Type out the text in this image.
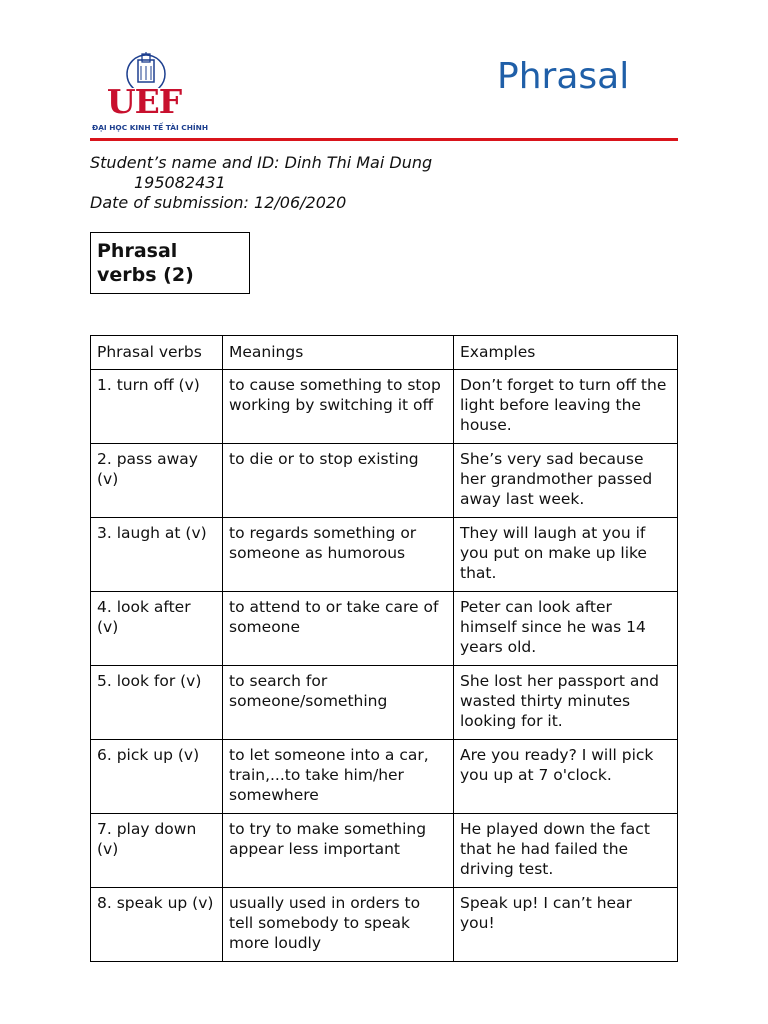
UEF
ĐẠI HỌC KINH TẾ TÀI CHÍNH
Phrasal
Student’s name and ID: Dinh Thi Mai Dung
195082431
Date of submission: 12/06/2020
Phrasal verbs (2)
Phrasal verbs	Meanings	Examples
1. turn off (v)	to cause something to stop working by switching it off	Don’t forget to turn off the light before leaving the house.
2. pass away (v)	to die or to stop existing	She’s very sad because her grandmother passed away last week.
3. laugh at (v)	to regards something or someone as humorous	They will laugh at you if you put on make up like that.
4. look after (v)	to attend to or take care of someone	Peter can look after himself since he was 14 years old.
5. look for (v)	to search for someone/something	She lost her passport and wasted thirty minutes looking for it.
6. pick up (v)	to let someone into a car, train,...to take him/her somewhere	Are you ready? I will pick you up at 7 o'clock.
7. play down (v)	to try to make something appear less important	He played down the fact that he had failed the driving test.
8. speak up (v)	usually used in orders to tell somebody to speak more loudly	Speak up! I can’t hear you!
